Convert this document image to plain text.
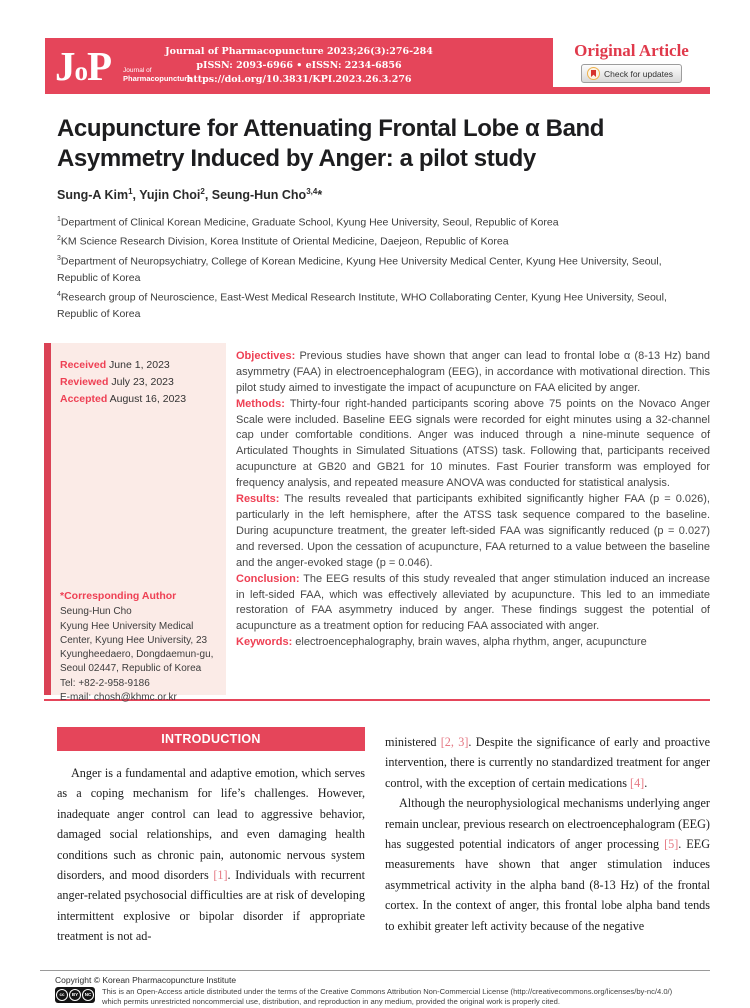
JoP Journal of
Pharmacopuncture
Journal of Pharmacopuncture 2023;26(3):276-284
pISSN: 2093-6966 • eISSN: 2234-6856
https://doi.org/10.3831/KPI.2023.26.3.276
Original Article
Check for updates
Acupuncture for Attenuating Frontal Lobe α Band
Asymmetry Induced by Anger: a pilot study
Sung-A Kim$^1$, Yujin Choi$^2$, Seung-Hun Cho$^{3,4}$*
$^1$Department of Clinical Korean Medicine, Graduate School, Kyung Hee University, Seoul, Republic of Korea
$^2$KM Science Research Division, Korea Institute of Oriental Medicine, Daejeon, Republic of Korea
$^3$Department of Neuropsychiatry, College of Korean Medicine, Kyung Hee University Medical Center, Kyung Hee University, Seoul, Republic of Korea
$^4$Research group of Neuroscience, East-West Medical Research Institute, WHO Collaborating Center, Kyung Hee University, Seoul, Republic of Korea
Received June 1, 2023
Reviewed July 23, 2023
Accepted August 16, 2023
*Corresponding Author
Seung-Hun Cho
Kyung Hee University Medical Center, Kyung Hee University, 23 Kyungheedaero, Dongdaemun-gu, Seoul 02447, Republic of Korea
Tel: +82-2-958-9186
E-mail: chosh@khmc.or.kr

Objectives: Previous studies have shown that anger can lead to frontal lobe α (8-13 Hz) band asymmetry (FAA) in electroencephalogram (EEG), in accordance with motivational direction. This pilot study aimed to investigate the impact of acupuncture on FAA elicited by anger.

Methods: Thirty-four right-handed participants scoring above 75 points on the Novaco Anger Scale were included. Baseline EEG signals were recorded for eight minutes using a 32-channel cap under comfortable conditions. Anger was induced through a nine-minute sequence of Articulated Thoughts in Simulated Situations (ATSS) task. Following that, participants received acupuncture at GB20 and GB21 for 10 minutes. Fast Fourier transform was employed for frequency analysis, and repeated measure ANOVA was conducted for statistical analysis.

Results: The results revealed that participants exhibited significantly higher FAA (p = 0.026), particularly in the left hemisphere, after the ATSS task sequence compared to the baseline. During acupuncture treatment, the greater left-sided FAA was significantly reduced (p = 0.027) and reversed. Upon the cessation of acupuncture, FAA returned to a value between the baseline and the anger-evoked stage (p = 0.046).

Conclusion: The EEG results of this study revealed that anger stimulation induced an increase in left-sided FAA, which was effectively alleviated by acupuncture. This led to an immediate restoration of FAA asymmetry induced by anger. These findings suggest the potential of acupuncture as a treatment option for reducing FAA associated with anger.

Keywords: electroencephalography, brain waves, alpha rhythm, anger, acupuncture

INTRODUCTION

Anger is a fundamental and adaptive emotion, which serves as a coping mechanism for life’s challenges. However, inadequate anger control can lead to aggressive behavior, damaged social relationships, and even damaging health conditions such as chronic pain, autonomic nervous system disorders, and mood disorders [1]. Individuals with recurrent anger-related psychosocial difficulties are at risk of developing intermittent explosive or bipolar disorder if appropriate treatment is not ad-

ministered [2, 3]. Despite the significance of early and proactive intervention, there is currently no standardized treatment for anger control, with the exception of certain medications [4].

Although the neurophysiological mechanisms underlying anger remain unclear, previous research on electroencephalogram (EEG) has suggested potential indicators of anger processing [5]. EEG measurements have shown that anger stimulation induces asymmetrical activity in the alpha band (8-13 Hz) of the frontal cortex. In the context of anger, this frontal lobe alpha band tends to exhibit greater left activity because of the negative

Copyright © Korean Pharmacopuncture Institute
cc	BY	NC	This is an Open-Access article distributed under the terms of the Creative Commons Attribution Non-Commercial License (http://creativecommons.org/licenses/by-nc/4.0/)
which permits unrestricted noncommercial use, distribution, and reproduction in any medium, provided the original work is properly cited.
